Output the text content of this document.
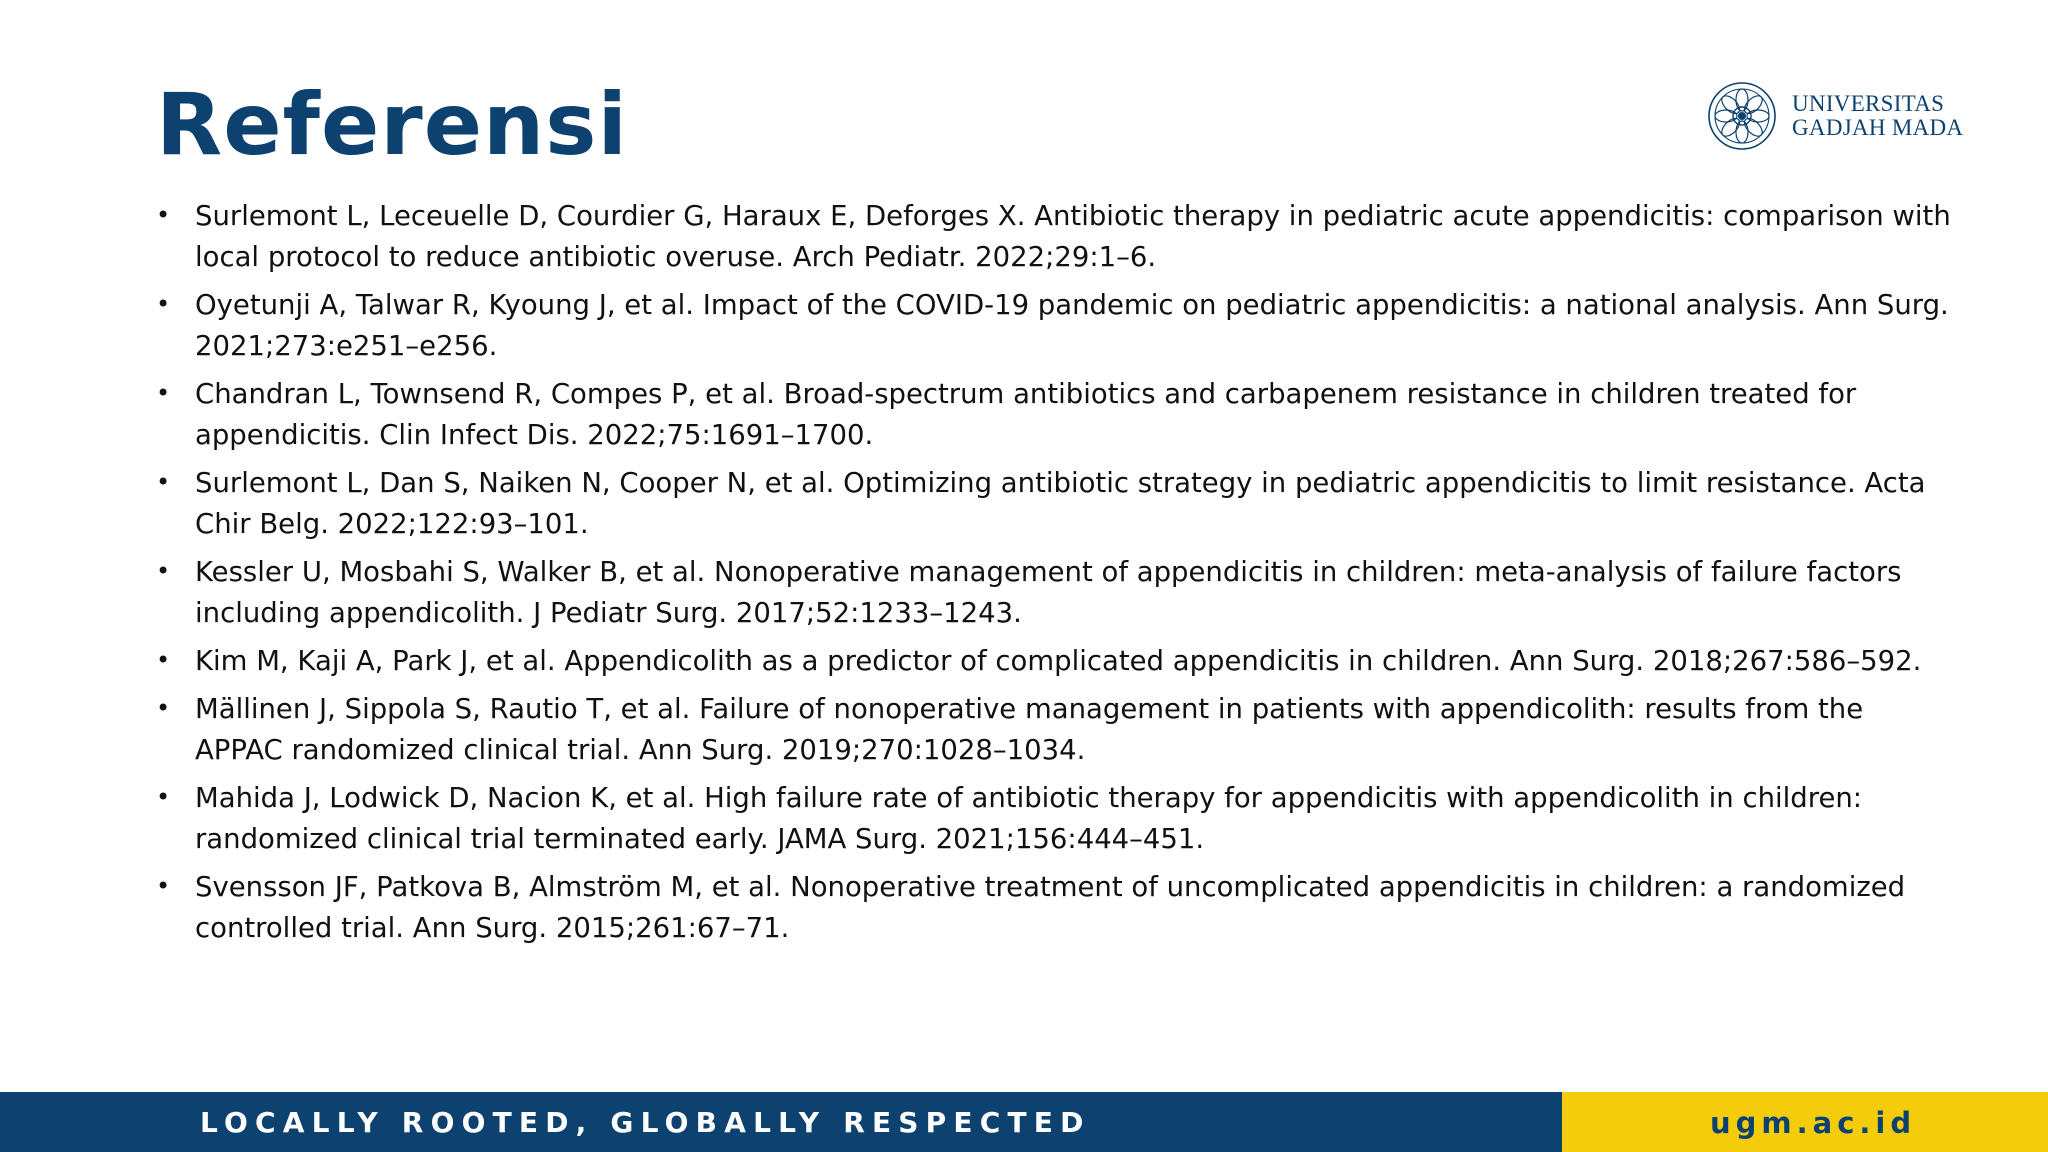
Referensi	UNIVERSITAS
GADJAH MADA
• Surlemont L, Leceuelle D, Courdier G, Haraux E, Deforges X. Antibiotic therapy in pediatric acute appendicitis: comparison with local protocol to reduce antibiotic overuse. Arch Pediatr. 2022;29:1–6.
• Oyetunji A, Talwar R, Kyoung J, et al. Impact of the COVID-19 pandemic on pediatric appendicitis: a national analysis. Ann Surg. 2021;273:e251–e256.
• Chandran L, Townsend R, Compes P, et al. Broad-spectrum antibiotics and carbapenem resistance in children treated for appendicitis. Clin Infect Dis. 2022;75:1691–1700.
• Surlemont L, Dan S, Naiken N, Cooper N, et al. Optimizing antibiotic strategy in pediatric appendicitis to limit resistance. Acta Chir Belg. 2022;122:93–101.
• Kessler U, Mosbahi S, Walker B, et al. Nonoperative management of appendicitis in children: meta-analysis of failure factors including appendicolith. J Pediatr Surg. 2017;52:1233–1243.
• Kim M, Kaji A, Park J, et al. Appendicolith as a predictor of complicated appendicitis in children. Ann Surg. 2018;267:586–592.
• Mällinen J, Sippola S, Rautio T, et al. Failure of nonoperative management in patients with appendicolith: results from the APPAC randomized clinical trial. Ann Surg. 2019;270:1028–1034.
• Mahida J, Lodwick D, Nacion K, et al. High failure rate of antibiotic therapy for appendicitis with appendicolith in children: randomized clinical trial terminated early. JAMA Surg. 2021;156:444–451.
• Svensson JF, Patkova B, Almström M, et al. Nonoperative treatment of uncomplicated appendicitis in children: a randomized controlled trial. Ann Surg. 2015;261:67–71.
LOCALLY ROOTED, GLOBALLY RESPECTED	ugm.ac.id
